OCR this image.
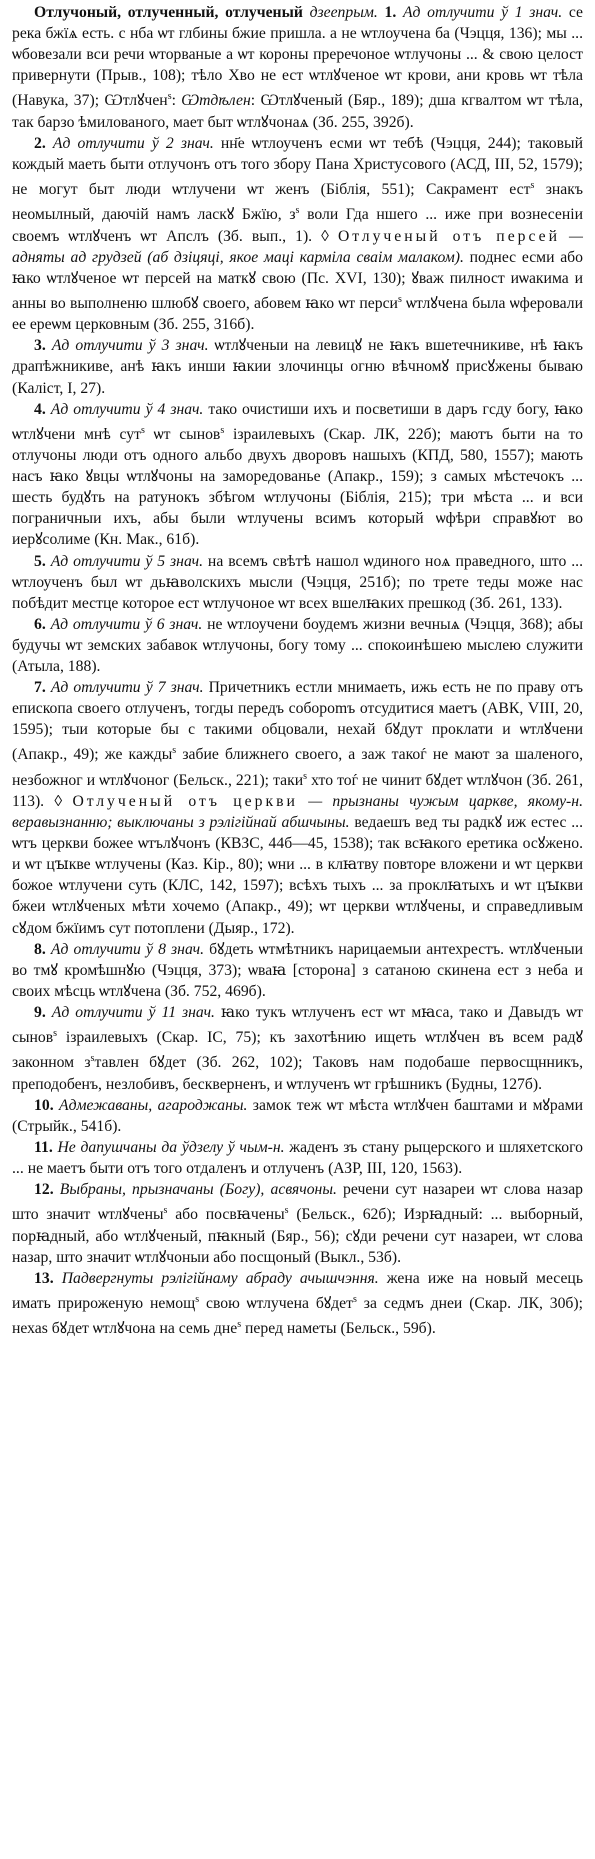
Отлучоный, отлученный, отлученый дзеепрым. 1. Ад отлучити ў 1 знач. се река бжїѧ есть. с нба ѡт глбины бжие пришла. а не ѡтлоучена ба (Чэцця, 136); мы ... ѡбовезали вси речи ѡторваные а ѡт короны преречоное ѡтлучоны ... & свою целост привернути (Прыв., 108); тѣло Хво не ест ѡтлꙋченое ѡт крови, ани кровь ѡт тѣла (Навука, 37); Ѡтлꙋчен$^ѕ$: Ѡтдѣлен: Ѡтлꙋченый (Бяр., 189); дша кгвалтом ѡт тѣла, так барзо ѣмилованого, мает быт ѡтлꙋчонаѧ (Зб. 255, 392б).

2. Ад отлучити ў 2 знач. нн҃е ѡтлоученъ есми ѡт тебѣ (Чэцця, 244); таковый кождый маеть быти отлучонъ отъ того збору Пана Христусового (АСД, III, 52, 1579); не могут быт люди ѡтлучени ѡт женъ (Біблія, 551); Сакрамент ест$^ѕ$ знакъ неомылный, даючій намъ ласкꙋ Бжїю, $з^ѕ$ воли Гда ншего ... иже при вознесеніи своемъ ѡтлꙋченъ ѡт Апслъ (Зб. вып., 1). ◊ Отлученый отъ персей — адняты ад грудзей (аб дзіцяці, якое маці карміла сваім малаком). поднес есми або ꙗко ѡтлꙋченое ѡт персей на маткꙋ свою (Пс. XVI, 130); ꙋваж пилност иѡакима и анны во выполненю шлюбꙋ своего, абовем ꙗко ѡт перси$^ѕ$ ѡтлꙋчена была ѡферовали ее ереѡм церковным (Зб. 255, 316б).

3. Ад отлучити ў 3 знач. ѡтлꙋченыи на левицꙋ не ꙗкъ вшетечникиве, нѣ ꙗкъ драпѣжникиве, анѣ ꙗкъ инши ꙗкии злочинцы огню вѣчномꙋ присꙋжены бываю (Каліст, I, 27).

4. Ад отлучити ў 4 знач. тако очистиши ихъ и посветиши в даръ гсду богу, ꙗко ѡтлꙋчени мнѣ сут$^ѕ$ ѡт сынов$^ѕ$ ізраилевыхъ (Скар. ЛК, 22б); маютъ быти на то отлучоны люди отъ одного альбо двухъ дворовъ нашыхъ (КПД, 580, 1557); мають насъ ꙗко ꙋвцы ѡтлꙋчоны на заморедованье (Апакр., 159); з самых мѣстечокъ ... шесть будꙋть на ратунокъ збѣгом ѡтлучоны (Біблія, 215); три мѣста ... и вси пограничныи ихъ, абы были ѡтлучены всимъ который ѡфѣри справꙋют во иерꙋсолиме (Кн. Мак., 61б).

5. Ад отлучити ў 5 знач. на всемъ свѣтѣ нашол ѡдиного ноѧ праведного, што ... ѡтлоученъ был ѡт дьꙗволскихъ мысли (Чэцця, 251б); по трете теды може нас побѣдит местце которое ест ѡтлучоное ѡт всех вшелꙗких прешкод (Зб. 261, 133).

6. Ад отлучити ў 6 знач. не ѡтлоучени боудемъ жизни вечныѧ (Чэцця, 368); абы будучы ѡт земских забавок ѡтлучоны, богу тому ... спокоинѣшею мыслею служити (Атыла, 188).

7. Ад отлучити ў 7 знач. Причетникъ естли мнимаеть, ижь есть не по праву отъ епископа своего отлученъ, тогды передъ собороmъ отсудитися маетъ (АВК, VIII, 20, 1595); тыи которые бы с такими обцовали, нехай бꙋдут проклати и ѡтлꙋчени (Апакр., 49); же кажды$^ѕ$ забие ближнего своего, а заж такоѓ не мают за шаленого, незбожног и ѡтлꙋчоног (Бельск., 221); таки$^ѕ$ хто тоѓ не чинит бꙋдет ѡтлꙋчон (Зб. 261, 113). ◊ Отлученый отъ церкви — прызнаны чужым царкве, якому-н. веравызнанню; выключаны з рэлігійнай абшчыны. ведаешъ вед ты радкꙋ иж естес ... ѡтъ церкви божее ѡтълꙋчонъ (КВЗС, 44б—45, 1538); так всꙗкого еретика осꙋжено. и ѡт цꙑкве ѡтлучены (Каз. Кір., 80); ѡни ... в клꙗтву повторе вложени и ѡт церкви божое ѡтлучени суть (КЛС, 142, 1597); всѣхъ тыхъ ... за проклꙗтыхъ и ѡт цꙑкви бжеи ѡтлꙋченых мѣти хочемо (Апакр., 49); ѡт церкви ѡтлꙋчены, и справедливым сꙋдом бжїимъ сут потоплени (Дыяр., 172).

8. Ад отлучити ў 8 знач. бꙋдеть ѡтмѣтникъ нарицаемыи антехрестъ. ѡтлꙋченыи во тмꙋ кромѣшнꙋю (Чэцця, 373); ѡваꙗ [сторона] з сатаною скинена ест з неба и своих мѣсць ѡтлꙋчена (Зб. 752, 469б).

9. Ад отлучити ў 11 знач. ꙗко тукъ ѡтлученъ ест ѡт мꙗса, тако и Давыдъ ѡт сынов$^ѕ$ ізраилевыхъ (Скар. ІС, 75); къ захотѣнию ищеть ѡтлꙋчен въ всем радꙋ законном $з^ѕтавлен$ бꙋдет (Зб. 262, 102); Таковъ нам подобаше первосщнникъ, преподобенъ, незлобивъ, бескверненъ, и ѡтлученъ ѡт грѣшникъ (Будны, 127б).

10. Адмежаваны, агароджаны. замок теж ѡт мѣста ѡтлꙋчен баштами и мꙋрами (Стрыйк., 541б).

11. Не дапушчаны да ўдзелу ў чым-н. жаденъ зъ стану рыцерского и шляхетского ... не маетъ быти отъ того отдаленъ и отлученъ (АЗР, III, 120, 1563).

12. Выбраны, прызначаны (Богу), асвячоны. речени сут назареи ѡт слова назар што значит ѡтлꙋчены$^ѕ$ або посвꙗчены$^ѕ$ (Бельск., 62б); Изрꙗдный: ... выборный, порꙗдный, або ѡтлꙋченый, пꙗкный (Бяр., 56); сꙋди речени сут назареи, ѡт слова назар, што значит ѡтлꙋчоныи або посщоный (Выкл., 53б).

13. Падвергнуты рэлігійнаму абраду ачышчэння. жена иже на новый месець имать прироженую немощ$^ѕ$ свою ѡтлучена бꙋдет$^ѕ$ за седмъ днеи (Скар. ЛК, 30б); нехаѕ бꙋдет ѡтлꙋчона на семь дне$^ѕ$ перед наметы (Бельск., 59б).
